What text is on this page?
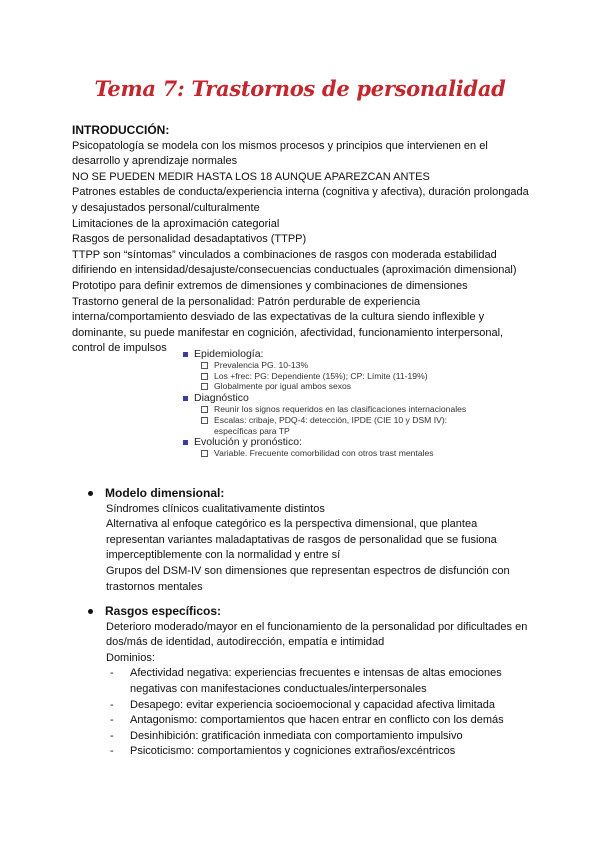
Tema 7: Trastornos de personalidad

INTRODUCCIÓN:

Psicopatología se modela con los mismos procesos y principios que intervienen en el desarrollo y aprendizaje normales

NO SE PUEDEN MEDIR HASTA LOS 18 AUNQUE APAREZCAN ANTES

Patrones estables de conducta/experiencia interna (cognitiva y afectiva), duración prolongada y desajustados personal/culturalmente

Limitaciones de la aproximación categorial

Rasgos de personalidad desadaptativos (TTPP)

TTPP son “síntomas” vinculados a combinaciones de rasgos con moderada estabilidad difiriendo en intensidad/desajuste/consecuencias conductuales (aproximación dimensional)

Prototipo para definir extremos de dimensiones y combinaciones de dimensiones

Trastorno general de la personalidad: Patrón perdurable de experiencia interna/comportamiento desviado de las expectativas de la cultura siendo inflexible y dominante, su puede manifestar en cognición, afectividad, funcionamiento interpersonal, control de impulsos	Epidemiología:
Prevalencia PG. 10-13%
Los +frec: PG: Dependiente (15%); CP: Límite (11-19%)
Globalmente por igual ambos sexos
Diagnóstico
Reunir los signos requeridos en las clasificaciones internacionales
Escalas: cribaje, PDQ-4: detección, IPDE (CIE 10 y DSM IV): específicas para TP
Evolución y pronóstico:
Variable. Frecuente comorbilidad con otros trast mentales
Modelo dimensional:

Síndromes clínicos cualitativamente distintos

Alternativa al enfoque categórico es la perspectiva dimensional, que plantea representan variantes maladaptativas de rasgos de personalidad que se fusiona imperceptiblemente con la normalidad y entre sí

Grupos del DSM-IV son dimensiones que representan espectros de disfunción con trastornos mentales

Rasgos específicos:

Deterioro moderado/mayor en el funcionamiento de la personalidad por dificultades en dos/más de identidad, autodirección, empatía e intimidad

Dominios:

-	Afectividad negativa: experiencias frecuentes e intensas de altas emociones negativas con manifestaciones conductuales/interpersonales
-	Desapego: evitar experiencia socioemocional y capacidad afectiva limitada
-	Antagonismo: comportamientos que hacen entrar en conflicto con los demás
-	Desinhibición: gratificación inmediata con comportamiento impulsivo
-	Psicoticismo: comportamientos y cogniciones extraños/excéntricos
